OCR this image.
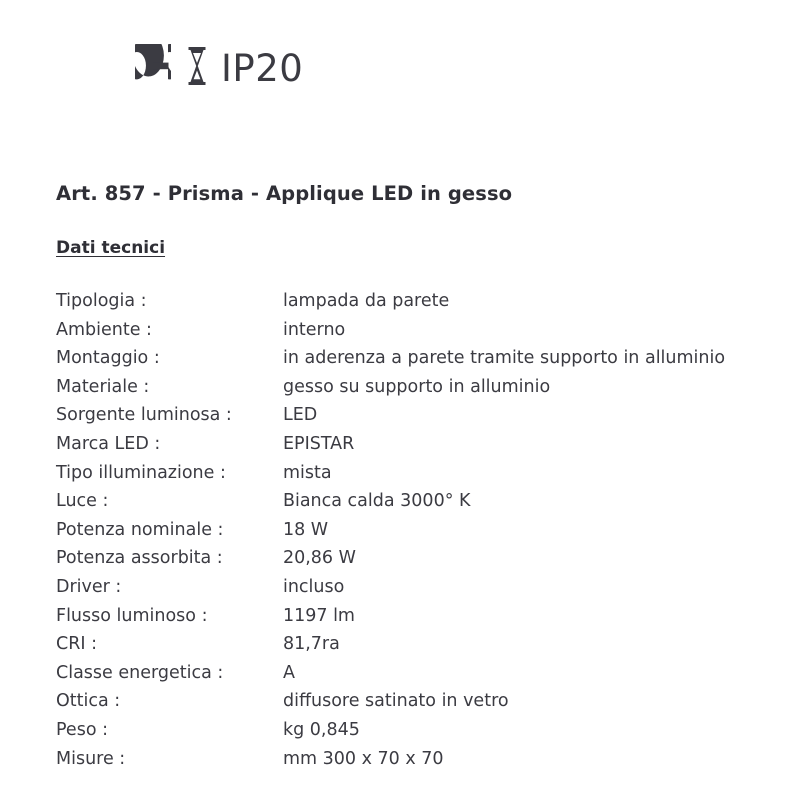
IP20
Art. 857 - Prisma - Applique LED in gesso
Dati tecnici
Tipologia :	lampada da parete
Ambiente :	interno
Montaggio :	in aderenza a parete tramite supporto in alluminio
Materiale :	gesso su supporto in alluminio
Sorgente luminosa :	LED
Marca LED :	EPISTAR
Tipo illuminazione :	mista
Luce :	Bianca calda 3000° K
Potenza nominale :	18 W
Potenza assorbita :	20,86 W
Driver :	incluso
Flusso luminoso :	1197 lm
CRI :	81,7ra
Classe energetica :	A
Ottica :	diffusore satinato in vetro
Peso :	kg 0,845
Misure :	mm 300 x 70 x 70
